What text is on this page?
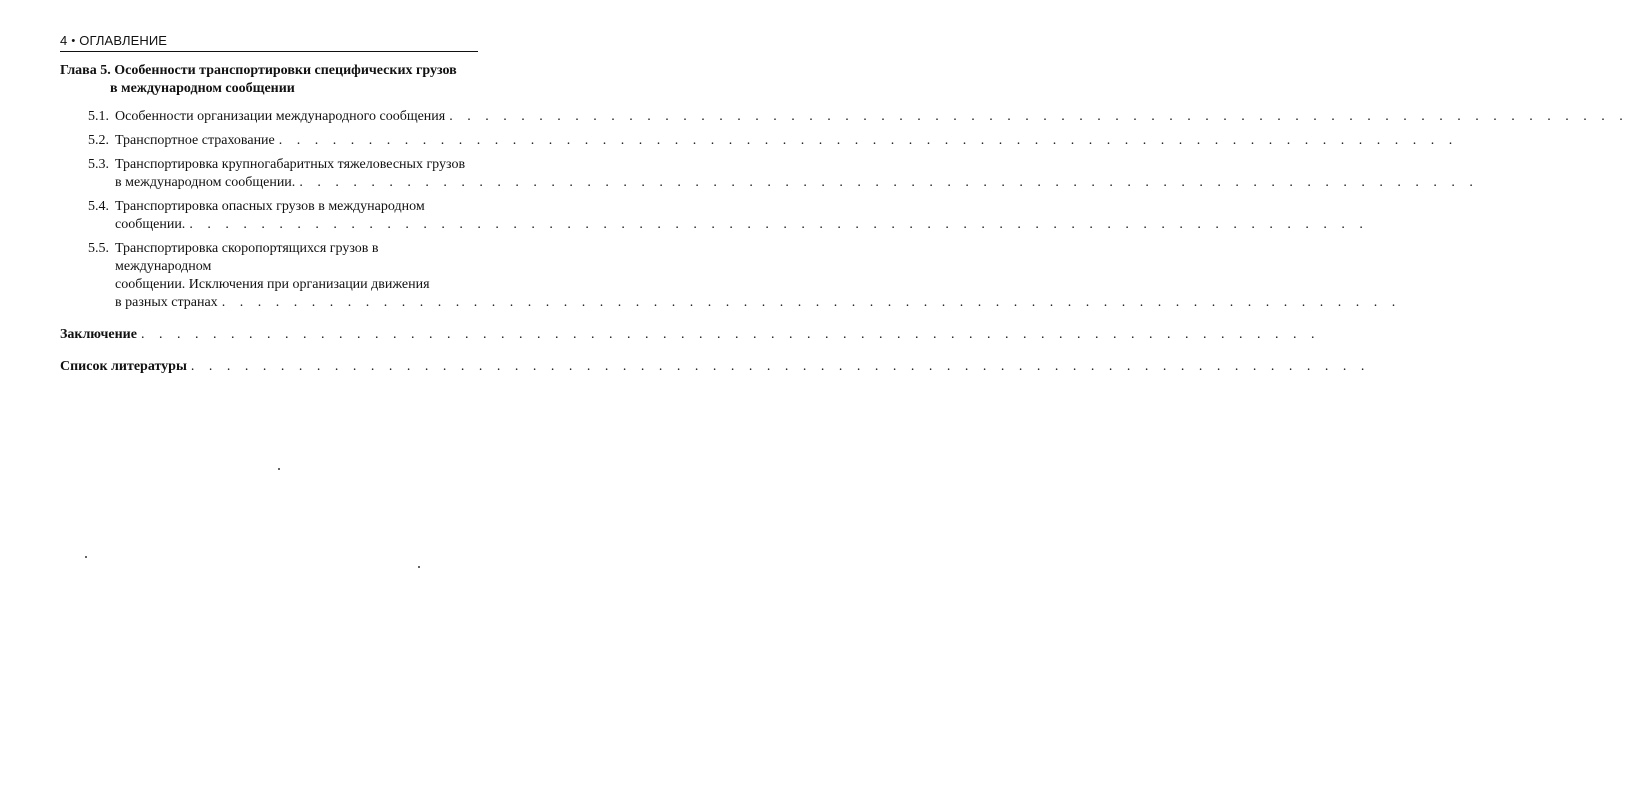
4 • ОГЛАВЛЕНИЕ
Глава 5. Особенности транспортировки специфических грузов
в международном сообщении
5.1. Особенности организации международного сообщения . . . . . . . . . . . . . . . . . . . . . . . . . . . . . . . . . . . . . . . . . . . . . . . . . . . . . . . . . . . . . . . . . .
5.2. Транспортное страхование . . . . . . . . . . . . . . . . . . . . . . . . . . . . . . . . . . . . . . . . . . . . . . . . . . . . . . . . . . . . . . . . . .
5.3. Транспортировка крупногабаритных тяжеловесных грузов
в международном сообщении. . . . . . . . . . . . . . . . . . . . . . . . . . . . . . . . . . . . . . . . . . . . . . . . . . . . . . . . . . . . . . . . . . .
5.4. Транспортировка опасных грузов в международном
сообщении. . . . . . . . . . . . . . . . . . . . . . . . . . . . . . . . . . . . . . . . . . . . . . . . . . . . . . . . . . . . . . . . . . .
5.5. Транспортировка скоропортящихся грузов в международном
сообщении. Исключения при организации движения
в разных странах . . . . . . . . . . . . . . . . . . . . . . . . . . . . . . . . . . . . . . . . . . . . . . . . . . . . . . . . . . . . . . . . . .
Заключение . . . . . . . . . . . . . . . . . . . . . . . . . . . . . . . . . . . . . . . . . . . . . . . . . . . . . . . . . . . . . . . . . .
Список литературы . . . . . . . . . . . . . . . . . . . . . . . . . . . . . . . . . . . . . . . . . . . . . . . . . . . . . . . . . . . . . . . . . .
